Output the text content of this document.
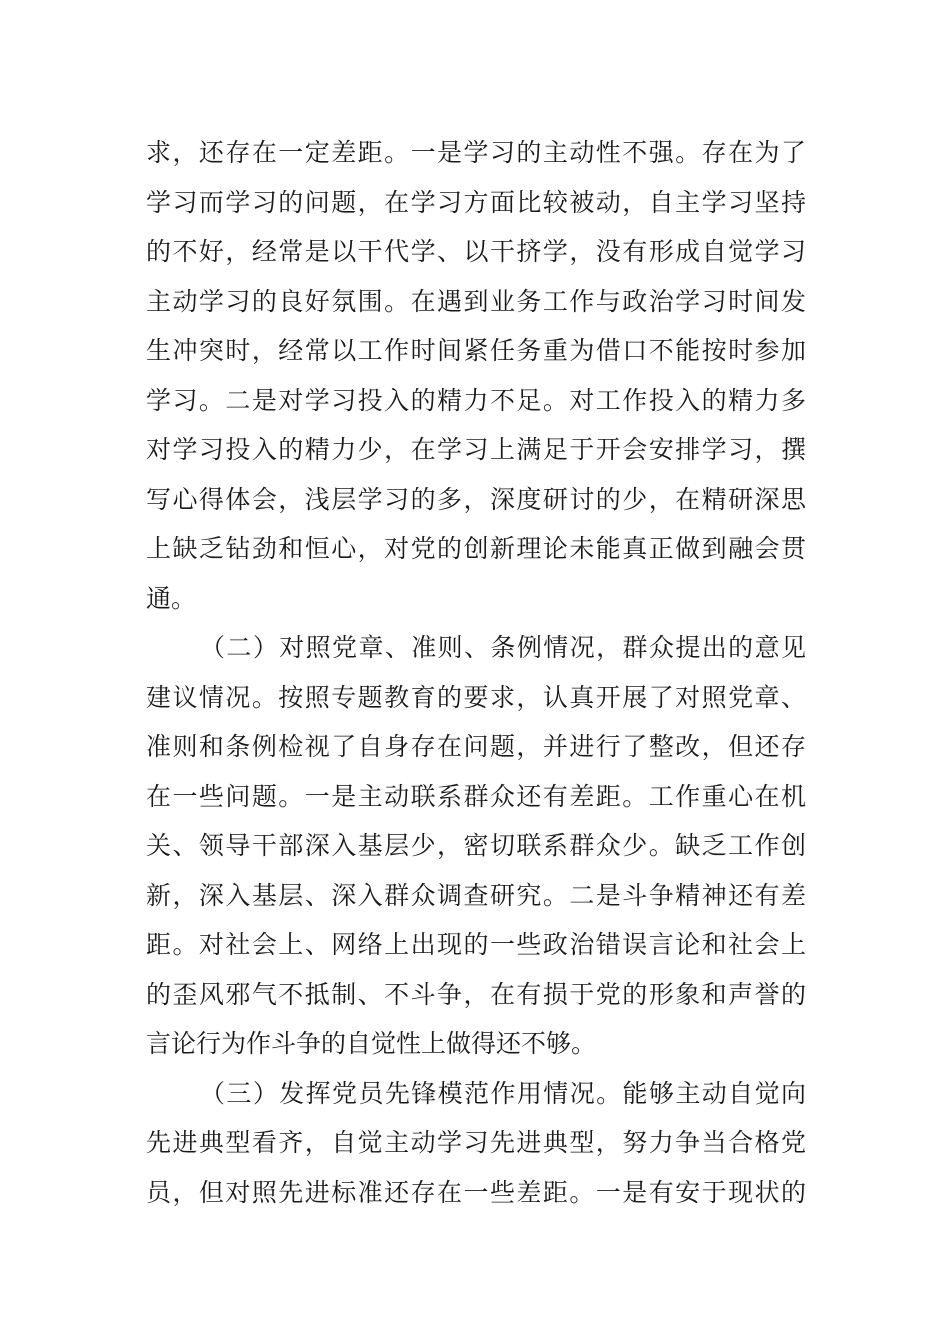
求，还存在一定差距。一是学习的主动性不强。存在为了
学习而学习的问题，在学习方面比较被动，自主学习坚持
的不好，经常是以干代学、以干挤学，没有形成自觉学习
主动学习的良好氛围。在遇到业务工作与政治学习时间发
生冲突时，经常以工作时间紧任务重为借口不能按时参加
学习。二是对学习投入的精力不足。对工作投入的精力多
对学习投入的精力少，在学习上满足于开会安排学习，撰
写心得体会，浅层学习的多，深度研讨的少，在精研深思
上缺乏钻劲和恒心，对党的创新理论未能真正做到融会贯
通。
（二）对照党章、准则、条例情况，群众提出的意见
建议情况。按照专题教育的要求，认真开展了对照党章、
准则和条例检视了自身存在问题，并进行了整改，但还存
在一些问题。一是主动联系群众还有差距。工作重心在机
关、领导干部深入基层少，密切联系群众少。缺乏工作创
新，深入基层、深入群众调查研究。二是斗争精神还有差
距。对社会上、网络上出现的一些政治错误言论和社会上
的歪风邪气不抵制、不斗争，在有损于党的形象和声誉的
言论行为作斗争的自觉性上做得还不够。
（三）发挥党员先锋模范作用情况。能够主动自觉向
先进典型看齐，自觉主动学习先进典型，努力争当合格党
员，但对照先进标准还存在一些差距。一是有安于现状的
